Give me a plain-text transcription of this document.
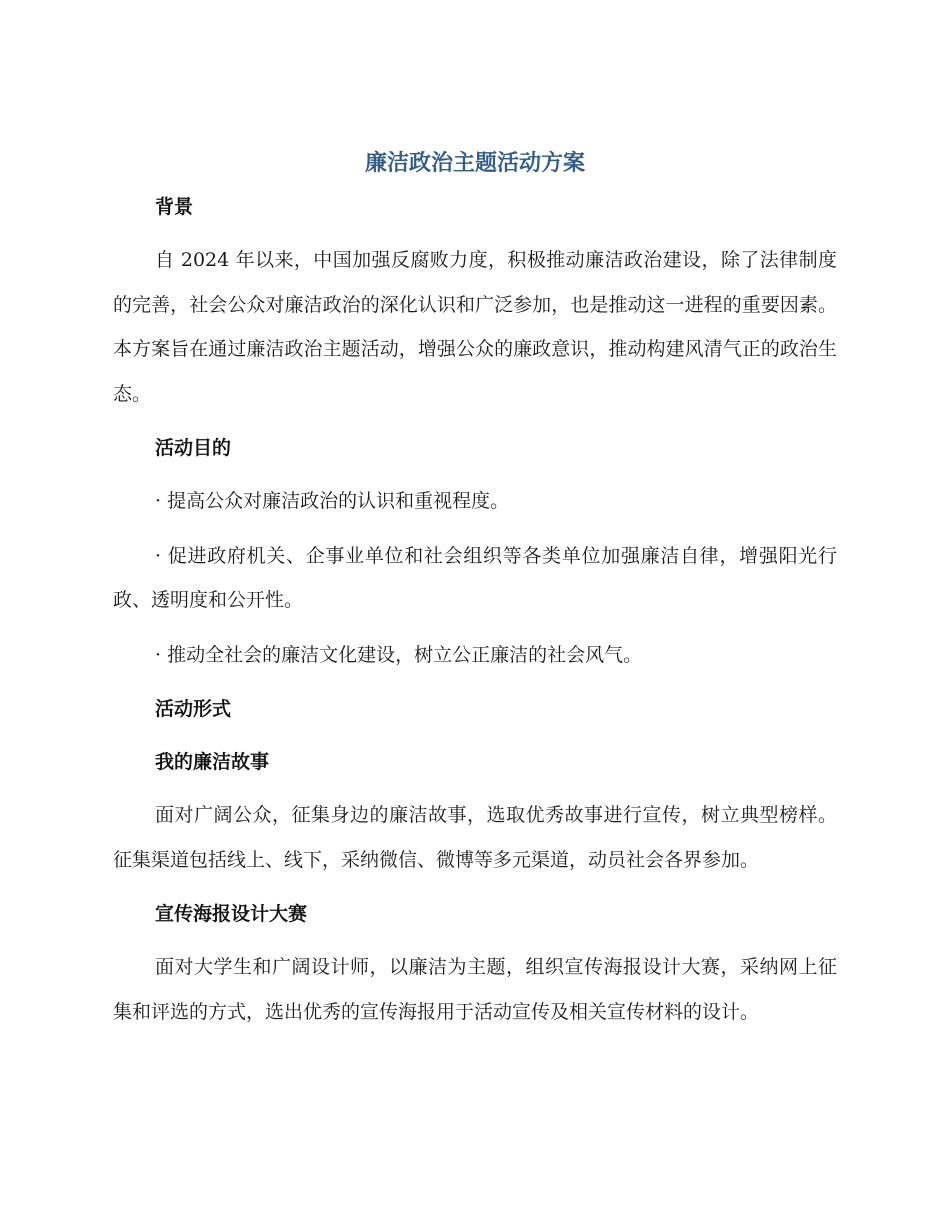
廉洁政治主题活动方案
背景

自 2024 年以来，中国加强反腐败力度，积极推动廉洁政治建设，除了法律制度的完善，社会公众对廉洁政治的深化认识和广泛参加，也是推动这一进程的重要因素。本方案旨在通过廉洁政治主题活动，增强公众的廉政意识，推动构建风清气正的政治生态。

活动目的

· 提高公众对廉洁政治的认识和重视程度。

· 促进政府机关、企事业单位和社会组织等各类单位加强廉洁自律，增强阳光行政、透明度和公开性。

· 推动全社会的廉洁文化建设，树立公正廉洁的社会风气。

活动形式
我的廉洁故事

面对广阔公众，征集身边的廉洁故事，选取优秀故事进行宣传，树立典型榜样。征集渠道包括线上、线下，采纳微信、微博等多元渠道，动员社会各界参加。

宣传海报设计大赛

面对大学生和广阔设计师，以廉洁为主题，组织宣传海报设计大赛，采纳网上征集和评选的方式，选出优秀的宣传海报用于活动宣传及相关宣传材料的设计。
